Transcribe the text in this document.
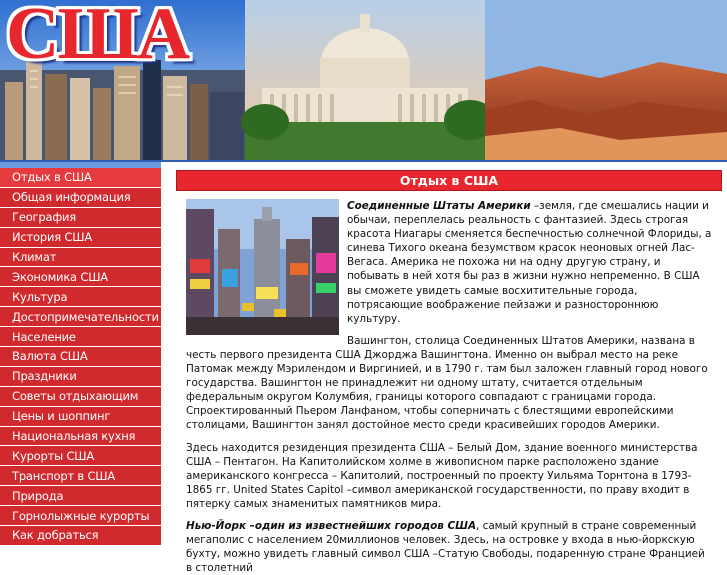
США
Отдых в США
Общая информация
География
История США
Климат
Экономика США
Культура
Достопримечательности
Население
Валюта США
Праздники
Советы отдыхающим
Цены и шоппинг
Национальная кухня
Курорты США
Транспорт в США
Природа
Горнолыжные курорты
Как добраться
Отдых в США

Соединенные Штаты Америки –земля, где смешались нации и обычаи, переплелась реальность с фантазией. Здесь строгая красота Ниагары сменяется беспечностью солнечной Флориды, а синева Тихого океана безумством красок неоновых огней Лас-Вегаса. Америка не похожа ни на одну другую страну, и побывать в ней хотя бы раз в жизни нужно непременно. В США вы сможете увидеть самые восхитительные города, потрясающие воображение пейзажи и разностороннюю культуру.

Вашингтон, столица Соединенных Штатов Америки, названа в честь первого президента США Джорджа Вашингтона. Именно он выбрал место на реке Патомак между Мэрилендом и Виргинией, и в 1790 г. там был заложен главный город нового государства. Вашингтон не принадлежит ни одному штату, считается отдельным федеральным округом Колумбия, границы которого совпадают с границами города. Спроектированный Пьером Ланфаном, чтобы соперничать с блестящими европейскими столицами, Вашингтон занял достойное место среди красивейших городов Америки.

Здесь находится резиденция президента США – Белый Дом, здание военного министерства США – Пентагон. На Капитолийском холме в живописном парке расположено здание американского конгресса – Капитолий, построенный по проекту Уильяма Торнтона в 1793-1865 гг. United States Capitol –символ американской государственности, по праву входит в пятерку самых знаменитых памятников мира.

Нью-Йорк –один из известнейших городов США, самый крупный в стране современный мегаполис с населением 20миллионов человек. Здесь, на островке у входа в нью-йоркскую бухту, можно увидеть главный символ США –Статую Свободы, подаренную стране Францией в столетний
